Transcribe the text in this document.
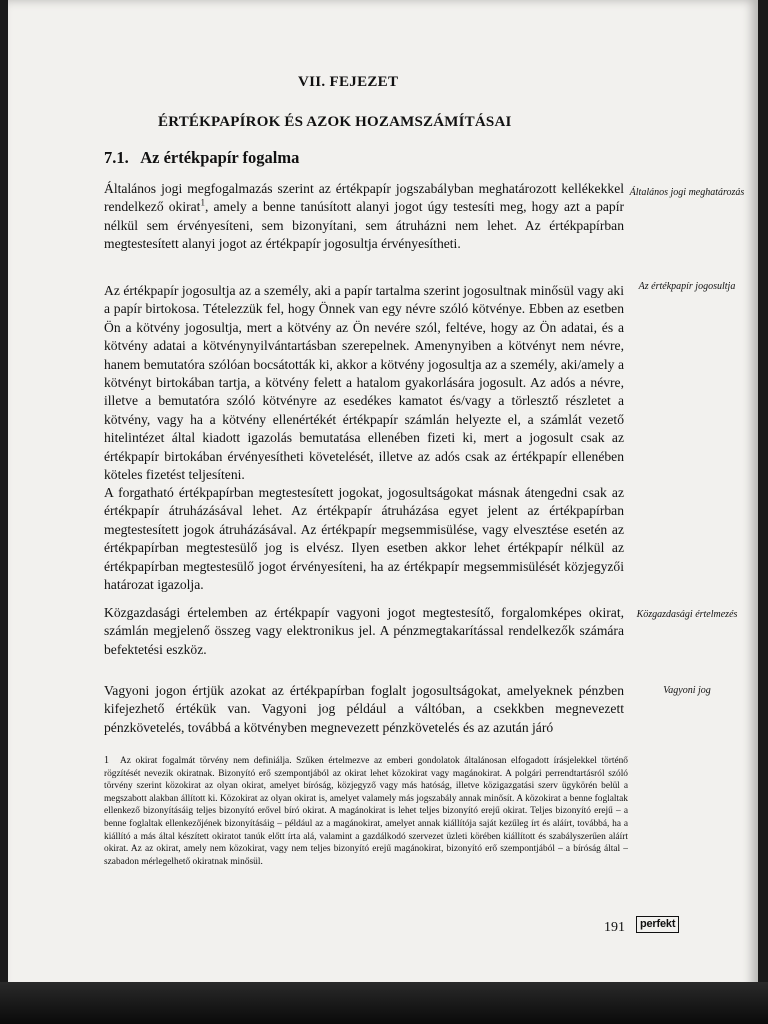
VII. FEJEZET
ÉRTÉKPAPÍROK ÉS AZOK HOZAMSZÁMÍTÁSAI
7.1.   Az értékpapír fogalma
Általános jogi megfogalmazás szerint az értékpapír jogszabályban meghatározott kellékekkel rendelkező okirat$^1$, amely a benne tanúsított alanyi jogot úgy testesíti meg, hogy azt a papír nélkül sem érvényesíteni, sem bizonyítani, sem átruházni nem lehet. Az értékpapírban megtestesített alanyi jogot az értékpapír jogosultja érvényesítheti.
Az értékpapír jogosultja az a személy, aki a papír tartalma szerint jogosultnak minősül vagy aki a papír birtokosa. Tételezzük fel, hogy Önnek van egy névre szóló kötvénye. Ebben az esetben Ön a kötvény jogosultja, mert a kötvény az Ön nevére szól, feltéve, hogy az Ön adatai, és a kötvény adatai a kötvénynyilvántartásban szerepelnek. Amenynyiben a kötvényt nem névre, hanem bemutatóra szólóan bocsátották ki, akkor a kötvény jogosultja az a személy, aki/amely a kötvényt birtokában tartja, a kötvény felett a hatalom gyakorlására jogosult. Az adós a névre, illetve a bemutatóra szóló kötvényre az esedékes kamatot és/vagy a törlesztő részletet a kötvény, vagy ha a kötvény ellenértékét értékpapír számlán helyezte el, a számlát vezető hitelintézet által kiadott igazolás bemutatása ellenében fizeti ki, mert a jogosult csak az értékpapír birtokában érvényesítheti követelését, illetve az adós csak az értékpapír ellenében köteles fizetést teljesíteni.
A forgatható értékpapírban megtestesített jogokat, jogosultságokat másnak átengedni csak az értékpapír átruházásával lehet. Az értékpapír átruházása egyet jelent az értékpapírban megtestesített jogok átruházásával. Az értékpapír megsemmisülése, vagy elvesztése esetén az értékpapírban megtestesülő jog is elvész. Ilyen esetben akkor lehet értékpapír nélkül az értékpapírban megtestesülő jogot érvényesíteni, ha az értékpapír megsemmisülését közjegyzői határozat igazolja.
Közgazdasági értelemben az értékpapír vagyoni jogot megtestesítő, forgalomképes okirat, számlán megjelenő összeg vagy elektronikus jel. A pénzmegtakarítással rendelkezők számára befektetési eszköz.
Vagyoni jogon értjük azokat az értékpapírban foglalt jogosultságokat, amelyeknek pénzben kifejezhető értékük van. Vagyoni jog például a váltóban, a csekkben megnevezett pénzkövetelés, továbbá a kötvényben megnevezett pénzkövetelés és az azután járó
Általános jogi meghatározás
Az értékpapír jogosultja
Közgazdasági értelmezés
Vagyoni jog
1 Az okirat fogalmát törvény nem definiálja. Szűken értelmezve az emberi gondolatok általánosan elfogadott írásjelekkel történő rögzítését nevezik okiratnak. Bizonyító erő szempontjából az okirat lehet közokirat vagy magánokirat. A polgári perrendtartásról szóló törvény szerint közokirat az olyan okirat, amelyet bíróság, közjegyző vagy más hatóság, illetve közigazgatási szerv ügykörén belül a megszabott alakban állított ki. Közokirat az olyan okirat is, amelyet valamely más jogszabály annak minősít. A közokirat a benne foglaltak ellenkező bizonyításáig teljes bizonyító erővel bíró okirat. A magánokirat is lehet teljes bizonyító erejű okirat. Teljes bizonyító erejű – a benne foglaltak ellenkezőjének bizonyításáig – például az a magánokirat, amelyet annak kiállítója saját kezűleg írt és aláírt, továbbá, ha a kiállító a más által készített okiratot tanúk előtt írta alá, valamint a gazdálkodó szervezet üzleti körében kiállított és szabályszerűen aláírt okirat. Az az okirat, amely nem közokirat, vagy nem teljes bizonyító erejű magánokirat, bizonyító erő szempontjából – a bíróság által – szabadon mérlegelhető okiratnak minősül.
191	perfekt
